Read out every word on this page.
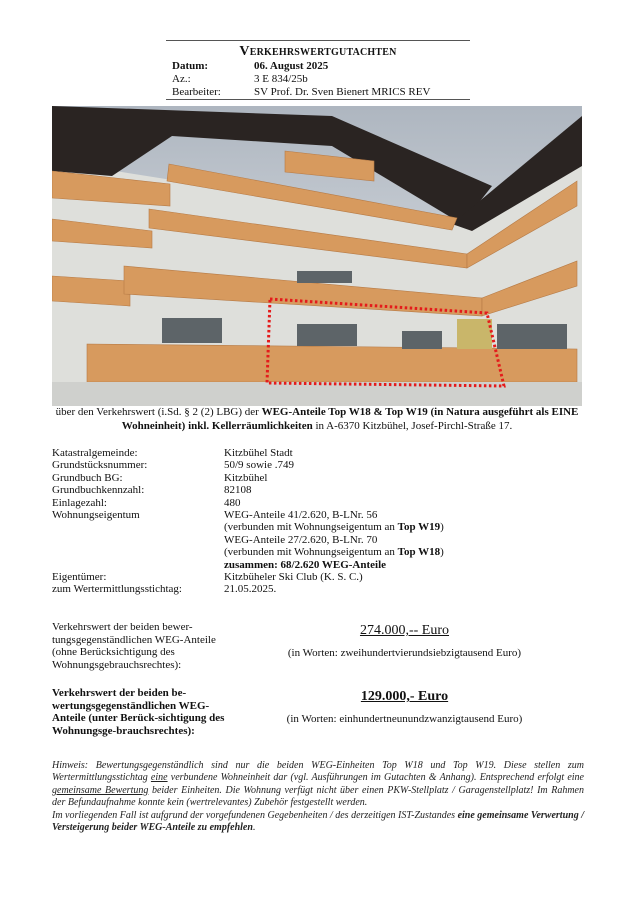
Verkehrswertgutachten
Datum:	06. August 2025
Az.:	3 E 834/25b
Bearbeiter:	SV Prof. Dr. Sven Bienert MRICS REV
über den Verkehrswert (i.Sd. § 2 (2) LBG) der WEG-Anteile Top W18 & Top W19 (in Natura ausgeführt als EINE Wohneinheit) inkl. Kellerräumlichkeiten in A-6370 Kitzbühel, Josef-Pirchl-Straße 17.
Katastralgemeinde:	Kitzbühel Stadt
Grundstücksnummer:	50/9 sowie .749
Grundbuch BG:	Kitzbühel
Grundbuchkennzahl:	82108
Einlagezahl:	480
Wohnungseigentum	WEG-Anteile 41/2.620, B-LNr. 56
(verbunden mit Wohnungseigentum an Top W19)
WEG-Anteile 27/2.620, B-LNr. 70
(verbunden mit Wohnungseigentum an Top W18)
zusammen: 68/2.620 WEG-Anteile
Eigentümer:	Kitzbüheler Ski Club (K. S. C.)
zum Wertermittlungsstichtag:	21.05.2025.
Verkehrswert der beiden bewer-tungsgegenständlichen WEG-Anteile (ohne Berücksichtigung des Wohnungsgebrauchsrechtes):
274.000,-- Euro
(in Worten: zweihundertvierundsiebzigtausend Euro)
Verkehrswert der beiden be-wertungsgegenständlichen WEG-Anteile (unter Berück-sichtigung des Wohnungsge-brauchsrechtes):
129.000,- Euro
(in Worten: einhundertneunundzwanzigtausend Euro)
Hinweis: Bewertungsgegenständlich sind nur die beiden WEG-Einheiten Top W18 und Top W19. Diese stellen zum Wertermittlungsstichtag eine verbundene Wohneinheit dar (vgl. Ausführungen im Gutachten & Anhang). Entsprechend erfolgt eine gemeinsame Bewertung beider Einheiten. Die Wohnung verfügt nicht über einen PKW-Stellplatz / Garagenstellplatz! Im Rahmen der Befundaufnahme konnte kein (wertrelevantes) Zubehör festgestellt werden.
Im vorliegenden Fall ist aufgrund der vorgefundenen Gegebenheiten / des derzeitigen IST-Zustandes eine gemeinsame Verwertung / Versteigerung beider WEG-Anteile zu empfehlen.
